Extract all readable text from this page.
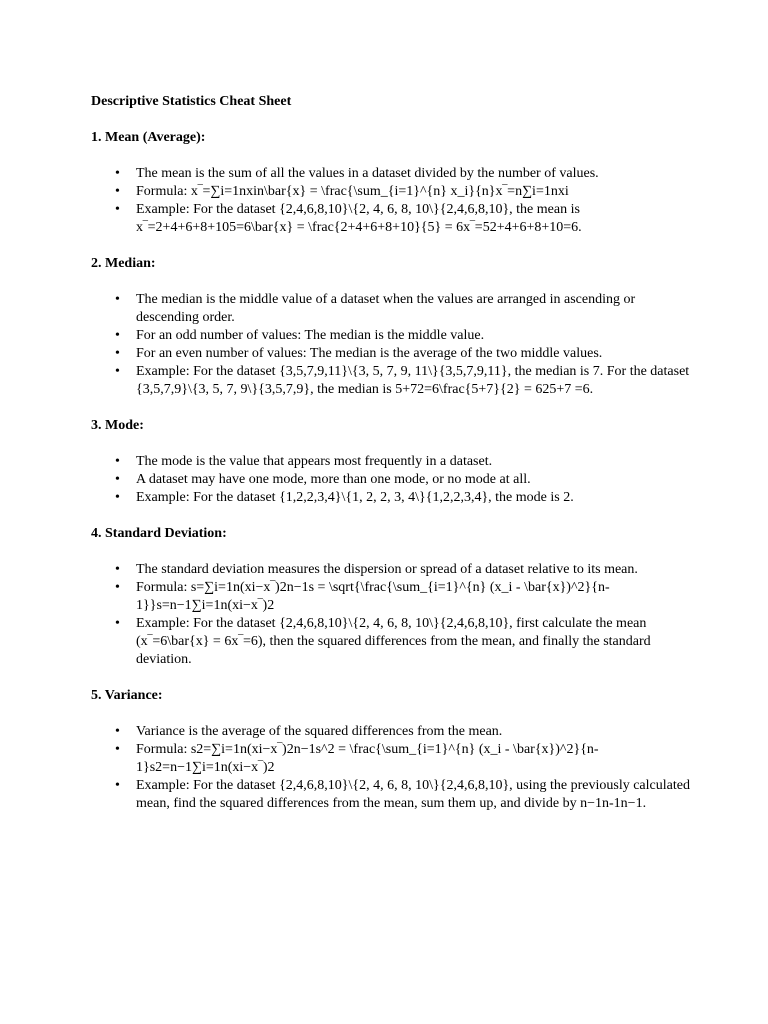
Descriptive Statistics Cheat Sheet
1. Mean (Average):
• The mean is the sum of all the values in a dataset divided by the number of values.
• Formula: x‾=∑i=1nxin\bar{x} = \frac{\sum_{i=1}^{n} x_i}{n}x‾=n∑i=1nxi
• Example: For the dataset {2,4,6,8,10}\{2, 4, 6, 8, 10\}{2,4,6,8,10}, the mean is x‾=2+4+6+8+105=6\bar{x} = \frac{2+4+6+8+10}{5} = 6x‾=52+4+6+8+10=6.
2. Median:
• The median is the middle value of a dataset when the values are arranged in ascending or descending order.
• For an odd number of values: The median is the middle value.
• For an even number of values: The median is the average of the two middle values.
• Example: For the dataset {3,5,7,9,11}\{3, 5, 7, 9, 11\}{3,5,7,9,11}, the median is 7. For the dataset {3,5,7,9}\{3, 5, 7, 9\}{3,5,7,9}, the median is 5+72=6\frac{5+7}{2} = 625+7 =6.
3. Mode:
• The mode is the value that appears most frequently in a dataset.
• A dataset may have one mode, more than one mode, or no mode at all.
• Example: For the dataset {1,2,2,3,4}\{1, 2, 2, 3, 4\}{1,2,2,3,4}, the mode is 2.
4. Standard Deviation:
• The standard deviation measures the dispersion or spread of a dataset relative to its mean.
• Formula: s=∑i=1n(xi−x‾)2n−1s = \sqrt{\frac{\sum_{i=1}^{n} (x_i - \bar{x})^2}{n-1}}s=n−1∑i=1n(xi−x‾)2
• Example: For the dataset {2,4,6,8,10}\{2, 4, 6, 8, 10\}{2,4,6,8,10}, first calculate the mean (x‾=6\bar{x} = 6x‾=6), then the squared differences from the mean, and finally the standard deviation.
5. Variance:
• Variance is the average of the squared differences from the mean.
• Formula: s2=∑i=1n(xi−x‾)2n−1s^2 = \frac{\sum_{i=1}^{n} (x_i - \bar{x})^2}{n-1}s2=n−1∑i=1n(xi−x‾)2
• Example: For the dataset {2,4,6,8,10}\{2, 4, 6, 8, 10\}{2,4,6,8,10}, using the previously calculated mean, find the squared differences from the mean, sum them up, and divide by n−1n-1n−1.
